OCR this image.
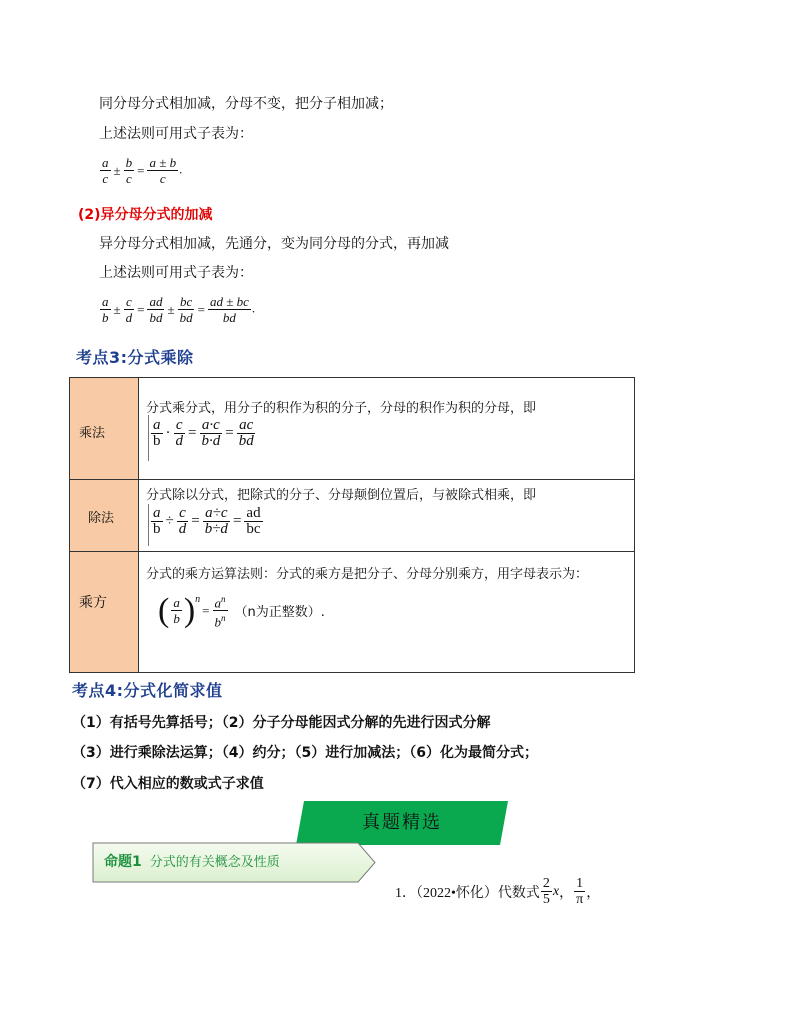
同分母分式相加减，分母不变，把分子相加减；
上述法则可用式子表为：
$\frac{a}{c} \pm \frac{b}{c} = \frac{a \pm b}{c}$ .
(2)异分母分式的加减
异分母分式相加减，先通分，变为同分母的分式，再加减
上述法则可用式子表为：
$\frac{a}{b} \pm \frac{c}{d} = \frac{ad}{bd} \pm \frac{bc}{bd} = \frac{ad \pm bc}{bd}$ .
考点3:分式乘除
乘法
分式乘分式，用分子的积作为积的分子，分母的积作为积的分母，即
$\frac{a}{b} \cdot \frac{c}{d} = \frac{a\cdot c}{b\cdot d} = \frac{ac}{bd}$
除法
分式除以分式，把除式的分子、分母颠倒位置后，与被除式相乘，即
$\frac{a}{b} \div \frac{c}{d} = \frac{a\div c}{b\div d} = \frac{ad}{bc}$
乘方
分式的乘方运算法则：分式的乘方是把分子、分母分别乘方，用字母表示为：
( $\frac{a}{b} )^n$
= $\frac{a^n}{b^n} (n$为正整数）.
考点4:分式化简求值
（1）有括号先算括号；（2）分子分母能因式分解的先进行因式分解
（3）进行乘除法运算；（4）约分；（5）进行加减法；（6）化为最简分式；
（7）代入相应的数或式子求值
真题精选
命题1 分式的有关概念及性质
1．（2022•怀化）代数式 $\frac{2}{5}$ x ， $\frac{1}{\pi}$ ，
